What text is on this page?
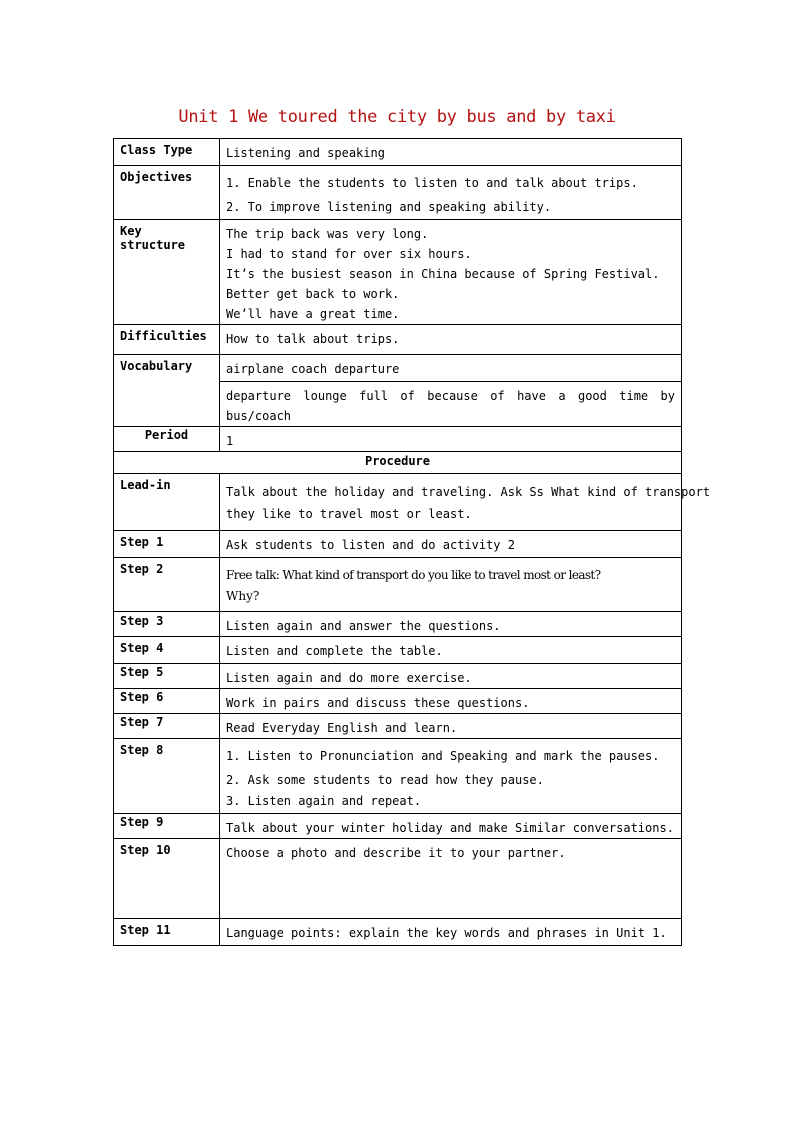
Unit 1 We toured the city by bus and by taxi
Class Type	Listening and speaking

Objectives	1. Enable the students to listen to and talk about trips.
2. To improve listening and speaking ability.

Key structure	The trip back was very long.
I had to stand for over six hours.
It’s the busiest season in China because of Spring Festival.
Better get back to work.
We’ll have a great time.

Difficulties	How to talk about trips.

Vocabulary	airplane coach departure

	departure lounge full of because of have a good time by
bus/coach

Period	1

Procedure	
Lead-in	Talk about the holiday and traveling. Ask Ss What kind of transport
they like to travel most or least.

Step 1	Ask students to listen and do activity 2

Step 2	Free talk: What kind of transport do you like to travel most or least?
Why?

Step 3	Listen again and answer the questions.

Step 4	Listen and complete the table.

Step 5	Listen again and do more exercise.

Step 6	Work in pairs and discuss these questions.

Step 7	Read Everyday English and learn.

Step 8	1. Listen to Pronunciation and Speaking and mark the pauses.
2. Ask some students to read how they pause.
3. Listen again and repeat.

Step 9	Talk about your winter holiday and make Similar conversations.

Step 10	Choose a photo and describe it to your partner.

Step 11	Language points: explain the key words and phrases in Unit 1.
